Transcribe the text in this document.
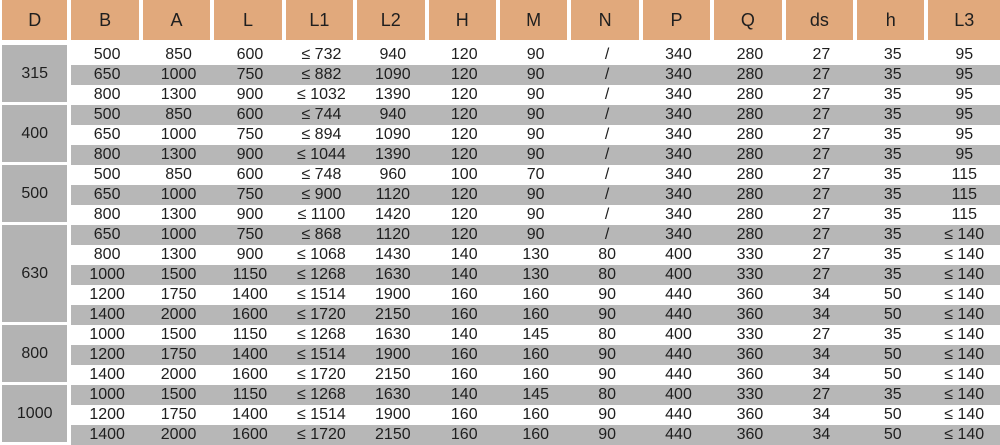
D	B	A	L	L1	L2	H	M	N	P	Q	ds	h	L3
315	500	850	600	≤ 732	940	120	90	/	340	280	27	35	95
	650	1000	750	≤ 882	1090	120	90	/	340	280	27	35	95
	800	1300	900	≤ 1032	1390	120	90	/	340	280	27	35	95
400	500	850	600	≤ 744	940	120	90	/	340	280	27	35	95
	650	1000	750	≤ 894	1090	120	90	/	340	280	27	35	95
	800	1300	900	≤ 1044	1390	120	90	/	340	280	27	35	95
500	500	850	600	≤ 748	960	100	70	/	340	280	27	35	115
	650	1000	750	≤ 900	1120	120	90	/	340	280	27	35	115
	800	1300	900	≤ 1100	1420	120	90	/	340	280	27	35	115
630	650	1000	750	≤ 868	1120	120	90	/	340	280	27	35	≤ 140
	800	1300	900	≤ 1068	1430	140	130	80	400	330	27	35	≤ 140
	1000	1500	1150	≤ 1268	1630	140	130	80	400	330	27	35	≤ 140
	1200	1750	1400	≤ 1514	1900	160	160	90	440	360	34	50	≤ 140
	1400	2000	1600	≤ 1720	2150	160	160	90	440	360	34	50	≤ 140
800	1000	1500	1150	≤ 1268	1630	140	145	80	400	330	27	35	≤ 140
	1200	1750	1400	≤ 1514	1900	160	160	90	440	360	34	50	≤ 140
	1400	2000	1600	≤ 1720	2150	160	160	90	440	360	34	50	≤ 140
1000	1000	1500	1150	≤ 1268	1630	140	145	80	400	330	27	35	≤ 140
	1200	1750	1400	≤ 1514	1900	160	160	90	440	360	34	50	≤ 140
	1400	2000	1600	≤ 1720	2150	160	160	90	440	360	34	50	≤ 140
